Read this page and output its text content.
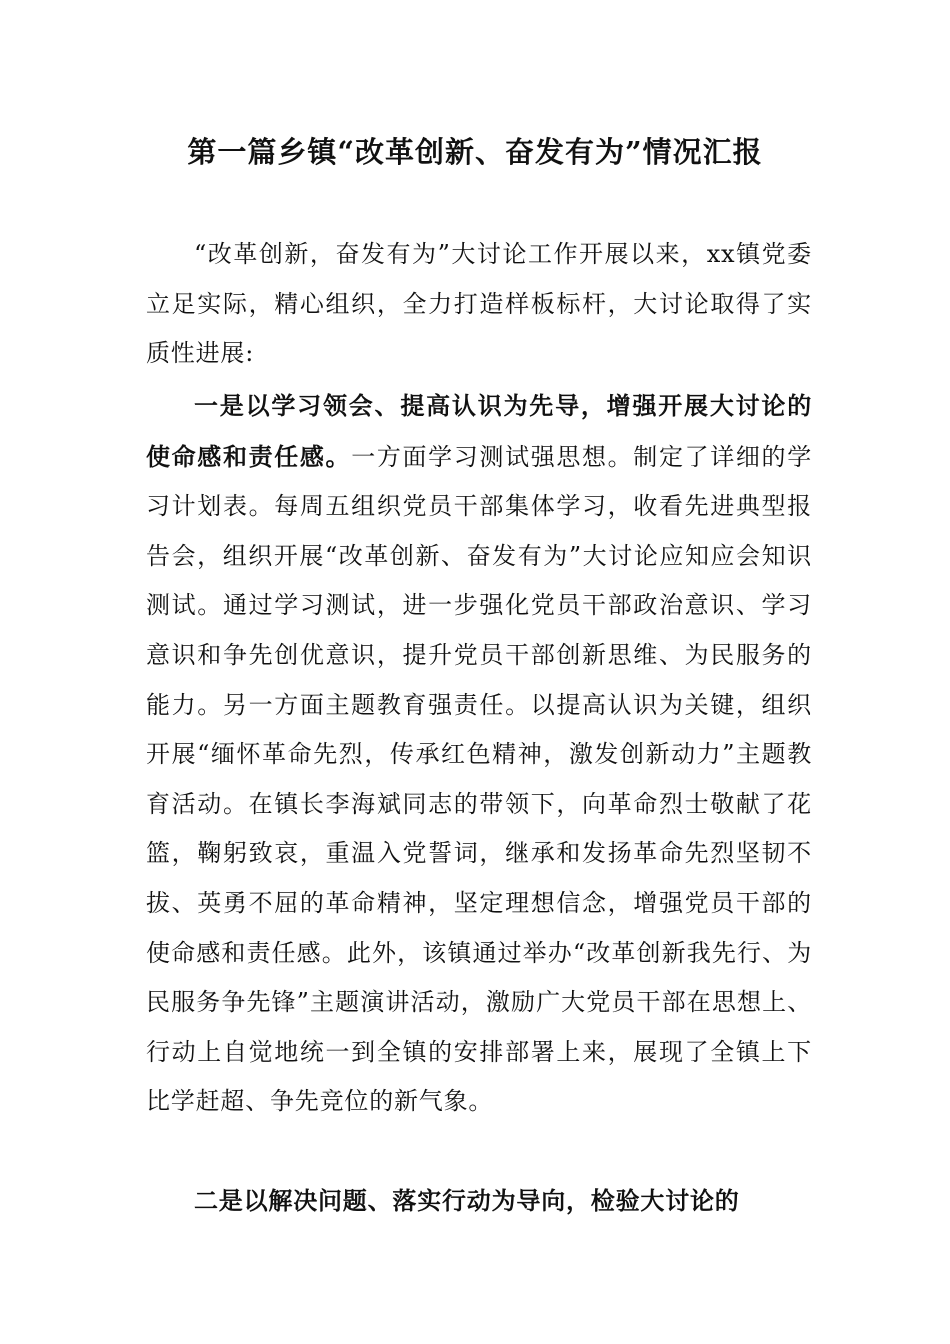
第一篇乡镇“改革创新、奋发有为”情况汇报

“改革创新，奋发有为”大讨论工作开展以来，xx镇党委立足实际，精心组织，全力打造样板标杆，大讨论取得了实质性进展:

一是以学习领会、提高认识为先导，增强开展大讨论的使命感和责任感。一方面学习测试强思想。制定了详细的学习计划表。每周五组织党员干部集体学习，收看先进典型报告会，组织开展“改革创新、奋发有为”大讨论应知应会知识测试。通过学习测试，进一步强化党员干部政治意识、学习意识和争先创优意识，提升党员干部创新思维、为民服务的能力。另一方面主题教育强责任。以提高认识为关键，组织开展“缅怀革命先烈，传承红色精神，激发创新动力”主题教育活动。在镇长李海斌同志的带领下，向革命烈士敬献了花篮，鞠躬致哀，重温入党誓词，继承和发扬革命先烈坚韧不拔、英勇不屈的革命精神，坚定理想信念，增强党员干部的使命感和责任感。此外，该镇通过举办“改革创新我先行、为民服务争先锋”主题演讲活动，激励广大党员干部在思想上、行动上自觉地统一到全镇的安排部署上来，展现了全镇上下比学赶超、争先竞位的新气象。

二是以解决问题、落实行动为导向，检验大讨论的
